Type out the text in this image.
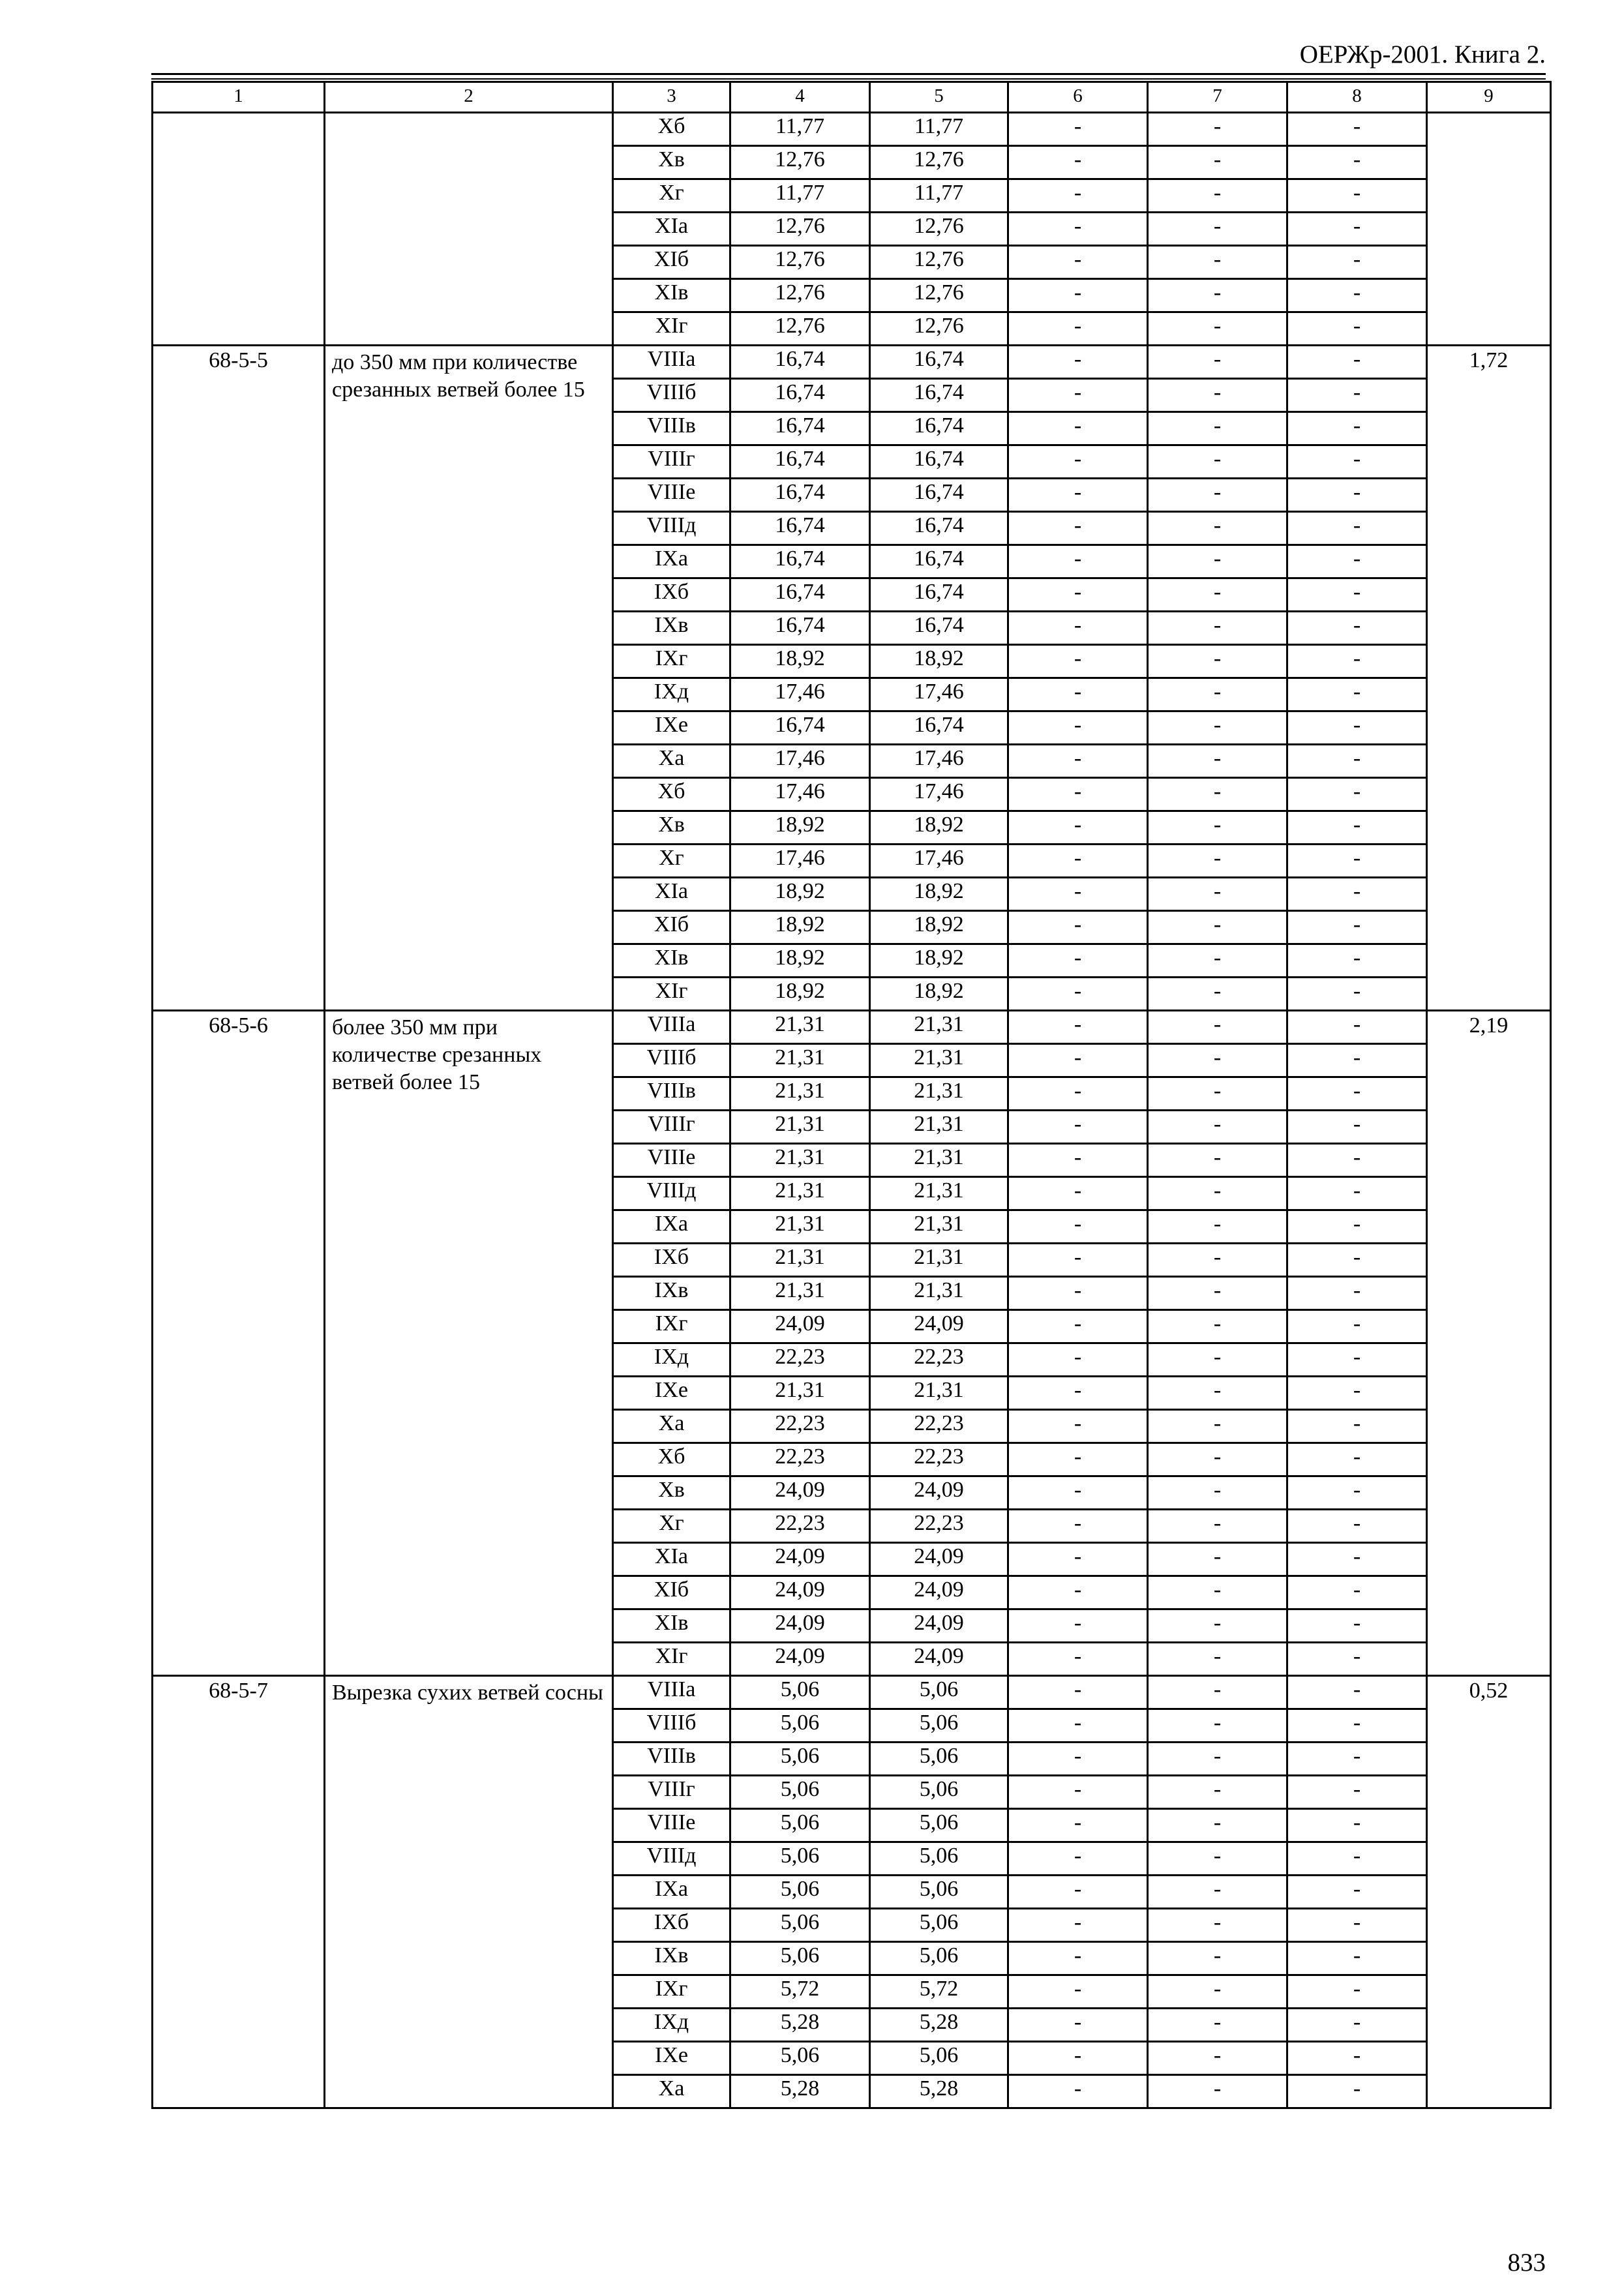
ОЕРЖр-2001. Книга 2.
1	2	3	4	5	6	7	8	9
		Хб	11,77	11,77	-	-	-	
		Хв	12,76	12,76	-	-	-	
		Хг	11,77	11,77	-	-	-	
		ХIа	12,76	12,76	-	-	-	
		ХIб	12,76	12,76	-	-	-	
		ХIв	12,76	12,76	-	-	-	
		ХIг	12,76	12,76	-	-	-	
68-5-5	до 350 мм при количестве срезанных ветвей более 15	VIIIа	16,74	16,74	-	-	-	1,72
		VIIIб	16,74	16,74	-	-	-	
		VIIIв	16,74	16,74	-	-	-	
		VIIIг	16,74	16,74	-	-	-	
		VIIIе	16,74	16,74	-	-	-	
		VIIIд	16,74	16,74	-	-	-	
		IХа	16,74	16,74	-	-	-	
		IХб	16,74	16,74	-	-	-	
		IХв	16,74	16,74	-	-	-	
		IХг	18,92	18,92	-	-	-	
		IХд	17,46	17,46	-	-	-	
		IХе	16,74	16,74	-	-	-	
		Ха	17,46	17,46	-	-	-	
		Хб	17,46	17,46	-	-	-	
		Хв	18,92	18,92	-	-	-	
		Хг	17,46	17,46	-	-	-	
		ХIа	18,92	18,92	-	-	-	
		ХIб	18,92	18,92	-	-	-	
		ХIв	18,92	18,92	-	-	-	
		ХIг	18,92	18,92	-	-	-	
68-5-6	более 350 мм при количестве срезанных ветвей более 15	VIIIа	21,31	21,31	-	-	-	2,19
		VIIIб	21,31	21,31	-	-	-	
		VIIIв	21,31	21,31	-	-	-	
		VIIIг	21,31	21,31	-	-	-	
		VIIIе	21,31	21,31	-	-	-	
		VIIIд	21,31	21,31	-	-	-	
		IХа	21,31	21,31	-	-	-	
		IХб	21,31	21,31	-	-	-	
		IХв	21,31	21,31	-	-	-	
		IХг	24,09	24,09	-	-	-	
		IХд	22,23	22,23	-	-	-	
		IХе	21,31	21,31	-	-	-	
		Ха	22,23	22,23	-	-	-	
		Хб	22,23	22,23	-	-	-	
		Хв	24,09	24,09	-	-	-	
		Хг	22,23	22,23	-	-	-	
		ХIа	24,09	24,09	-	-	-	
		ХIб	24,09	24,09	-	-	-	
		ХIв	24,09	24,09	-	-	-	
		ХIг	24,09	24,09	-	-	-	
68-5-7	Вырезка сухих ветвей сосны	VIIIа	5,06	5,06	-	-	-	0,52
		VIIIб	5,06	5,06	-	-	-	
		VIIIв	5,06	5,06	-	-	-	
		VIIIг	5,06	5,06	-	-	-	
		VIIIе	5,06	5,06	-	-	-	
		VIIIд	5,06	5,06	-	-	-	
		IХа	5,06	5,06	-	-	-	
		IХб	5,06	5,06	-	-	-	
		IХв	5,06	5,06	-	-	-	
		IХг	5,72	5,72	-	-	-	
		IХд	5,28	5,28	-	-	-	
		IХе	5,06	5,06	-	-	-	
		Ха	5,28	5,28	-	-	-	
833
